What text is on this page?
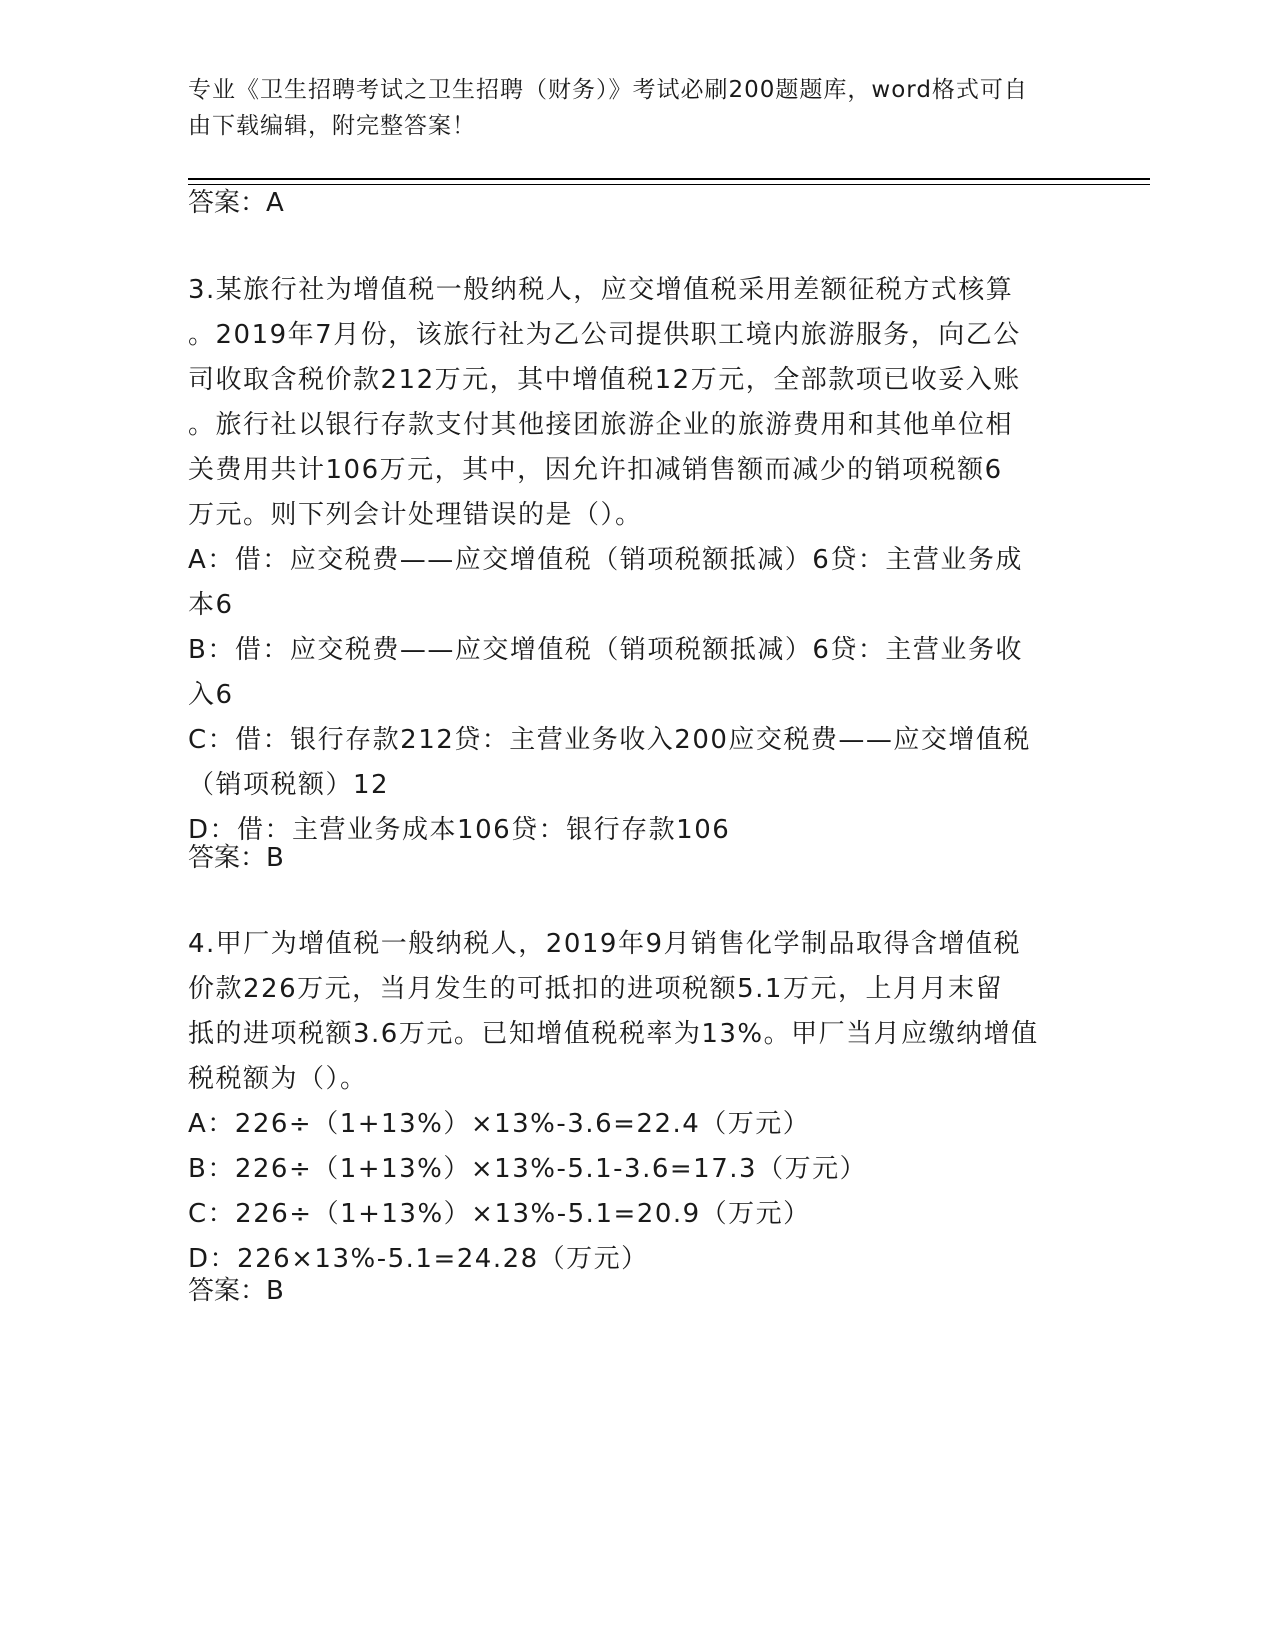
专业《卫生招聘考试之卫生招聘（财务）》考试必刷200题题库，word格式可自
由下载编辑，附完整答案！
答案：A

3.某旅行社为增值税一般纳税人，应交增值税采用差额征税方式核算

。2019年7月份，该旅行社为乙公司提供职工境内旅游服务，向乙公

司收取含税价款212万元，其中增值税12万元，全部款项已收妥入账

。旅行社以银行存款支付其他接团旅游企业的旅游费用和其他单位相

关费用共计106万元，其中，因允许扣减销售额而减少的销项税额6

万元。则下列会计处理错误的是（）。

A：借：应交税费——应交增值税（销项税额抵减）6贷：主营业务成

本6

B：借：应交税费——应交增值税（销项税额抵减）6贷：主营业务收

入6

C：借：银行存款212贷：主营业务收入200应交税费——应交增值税

（销项税额）12

D：借：主营业务成本106贷：银行存款106

答案：B

4.甲厂为增值税一般纳税人，2019年9月销售化学制品取得含增值税

价款226万元，当月发生的可抵扣的进项税额5.1万元，上月月末留

抵的进项税额3.6万元。已知增值税税率为13%。甲厂当月应缴纳增值

税税额为（）。

A：226÷（1+13%）×13%-3.6=22.4（万元）

B：226÷（1+13%）×13%-5.1-3.6=17.3（万元）

C：226÷（1+13%）×13%-5.1=20.9（万元）

D：226×13%-5.1=24.28（万元）

答案：B
